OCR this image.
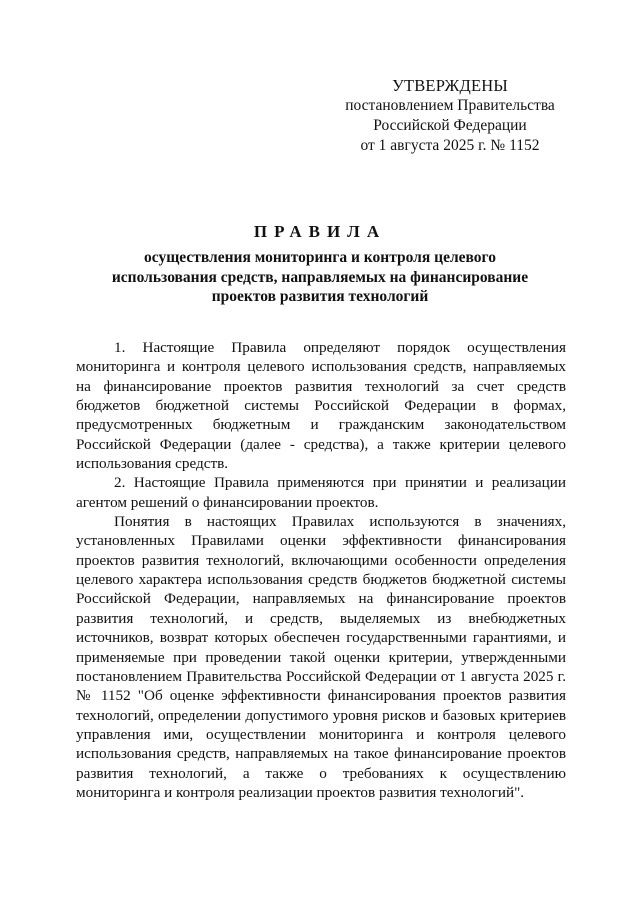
УТВЕРЖДЕНЫ
постановлением Правительства
Российской Федерации
от 1 августа 2025 г. № 1152
ПРАВИЛА
осуществления мониторинга и контроля целевого
использования средств, направляемых на финансирование
проектов развития технологий

1. Настоящие Правила определяют порядок осуществления мониторинга и контроля целевого использования средств, направляемых на финансирование проектов развития технологий за счет средств бюджетов бюджетной системы Российской Федерации в формах, предусмотренных бюджетным и гражданским законодательством Российской Федерации (далее - средства), а также критерии целевого использования средств.

2. Настоящие Правила применяются при принятии и реализации агентом решений о финансировании проектов.

Понятия в настоящих Правилах используются в значениях, установленных Правилами оценки эффективности финансирования проектов развития технологий, включающими особенности определения целевого характера использования средств бюджетов бюджетной системы Российской Федерации, направляемых на финансирование проектов развития технологий, и средств, выделяемых из внебюджетных источников, возврат которых обеспечен государственными гарантиями, и применяемые при проведении такой оценки критерии, утвержденными постановлением Правительства Российской Федерации от 1 августа 2025 г. № 1152 "Об оценке эффективности финансирования проектов развития технологий, определении допустимого уровня рисков и базовых критериев управления ими, осуществлении мониторинга и контроля целевого использования средств, направляемых на такое финансирование проектов развития технологий, а также о требованиях к осуществлению мониторинга и контроля реализации проектов развития технологий".
